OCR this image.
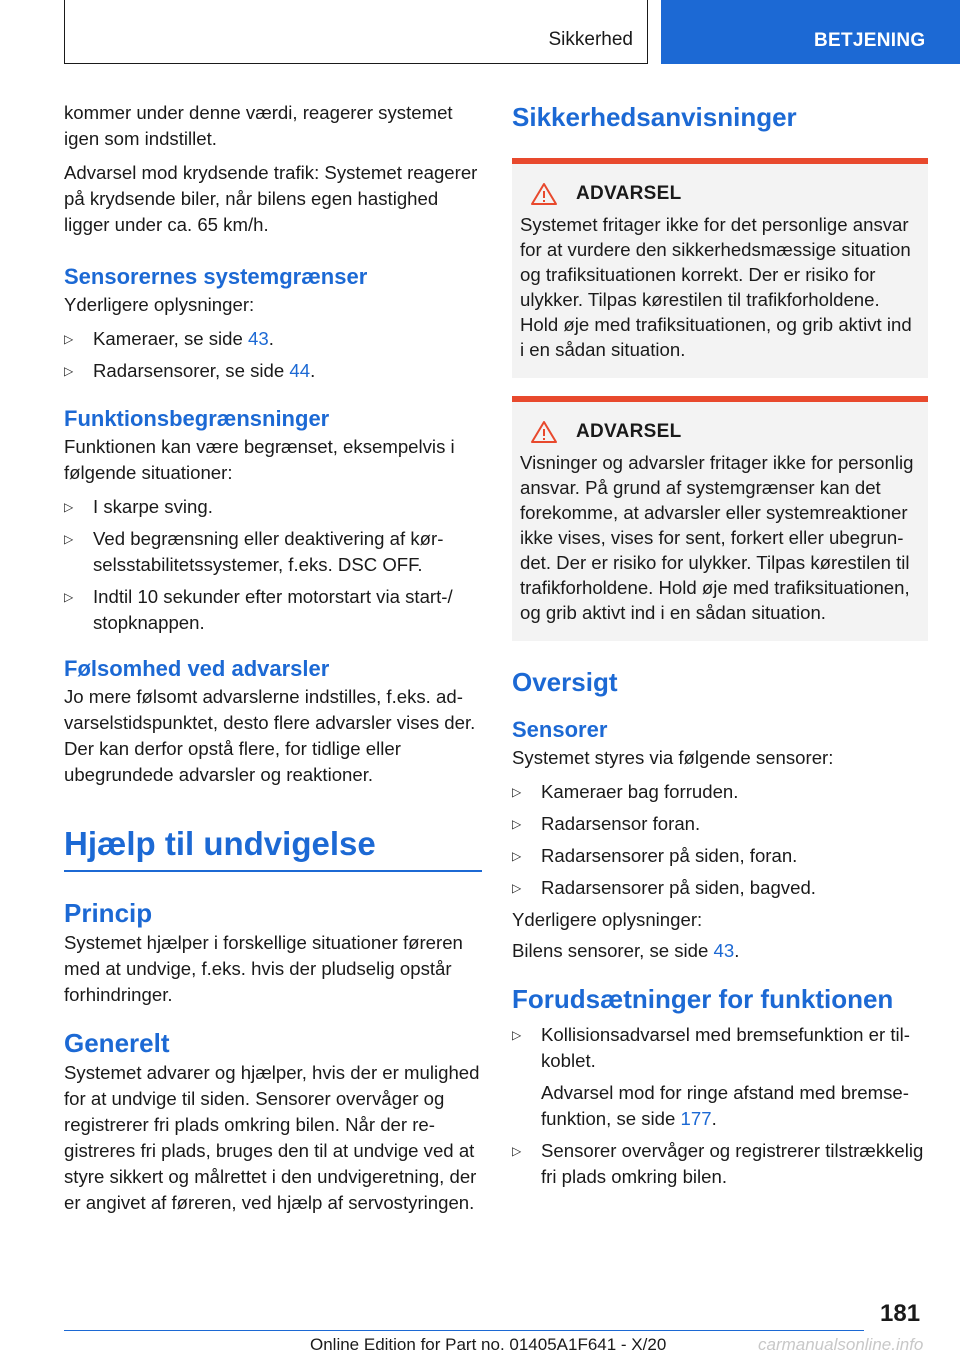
Sikkerhed	BETJENING

kommer under denne værdi, reagerer systemet igen som indstillet.

Advarsel mod krydsende trafik: Systemet reagerer på krydsende biler, når bilens egen hastighed ligger under ca. 65 km/h.

Sensorernes systemgrænser

Yderligere oplysninger:

▷ Kameraer, se side 43.
▷ Radarsensorer, se side 44.
Funktionsbegrænsninger

Funktionen kan være begrænset, eksempelvis i følgende situationer:

▷ I skarpe sving.
▷ Ved begrænsning eller deaktivering af kørselsstabilitetssystemer, f.eks. DSC OFF.
▷ Indtil 10 sekunder efter motorstart via start-/ stopknappen.
Følsomhed ved advarsler

Jo mere følsomt advarslerne indstilles, f.eks. advarselstidspunktet, desto flere advarsler vises der. Der kan derfor opstå flere, for tidlige eller ubegrundede advarsler og reaktioner.

Hjælp til undvigelse
Princip

Systemet hjælper i forskellige situationer føreren med at undvige, f.eks. hvis der pludselig opstår forhindringer.

Generelt

Systemet advarer og hjælper, hvis der er mulighed for at undvige til siden. Sensorer overvåger og registrerer fri plads omkring bilen. Når der registreres fri plads, bruges den til at undvige ved at styre sikkert og målrettet i den undvigeretning, der er angivet af føreren, ved hjælp af servostyringen.

Sikkerhedsanvisninger
ADVARSEL

Systemet fritager ikke for det personlige ansvar for at vurdere den sikkerhedsmæssige situation og trafiksituationen korrekt. Der er risiko for ulykker. Tilpas kørestilen til trafikforholdene. Hold øje med trafiksituationen, og grib aktivt ind i en sådan situation.

ADVARSEL

Visninger og advarsler fritager ikke for personlig ansvar. På grund af systemgrænser kan det forekomme, at advarsler eller systemreaktioner ikke vises, vises for sent, forkert eller ubegrundet. Der er risiko for ulykker. Tilpas kørestilen til trafikforholdene. Hold øje med trafiksituationen, og grib aktivt ind i en sådan situation.

Oversigt
Sensorer

Systemet styres via følgende sensorer:

▷ Kameraer bag forruden.
▷ Radarsensor foran.
▷ Radarsensorer på siden, foran.
▷ Radarsensorer på siden, bagved.

Yderligere oplysninger:

Bilens sensorer, se side 43.

Forudsætninger for funktionen
▷ Kollisionsadvarsel med bremsefunktion er tilkoblet.
Advarsel mod for ringe afstand med bremsefunktion, se side 177.
▷ Sensorer overvåger og registrerer tilstrækkelig fri plads omkring bilen.
181
Online Edition for Part no. 01405A1F641 - X/20	carmanualsonline.info
